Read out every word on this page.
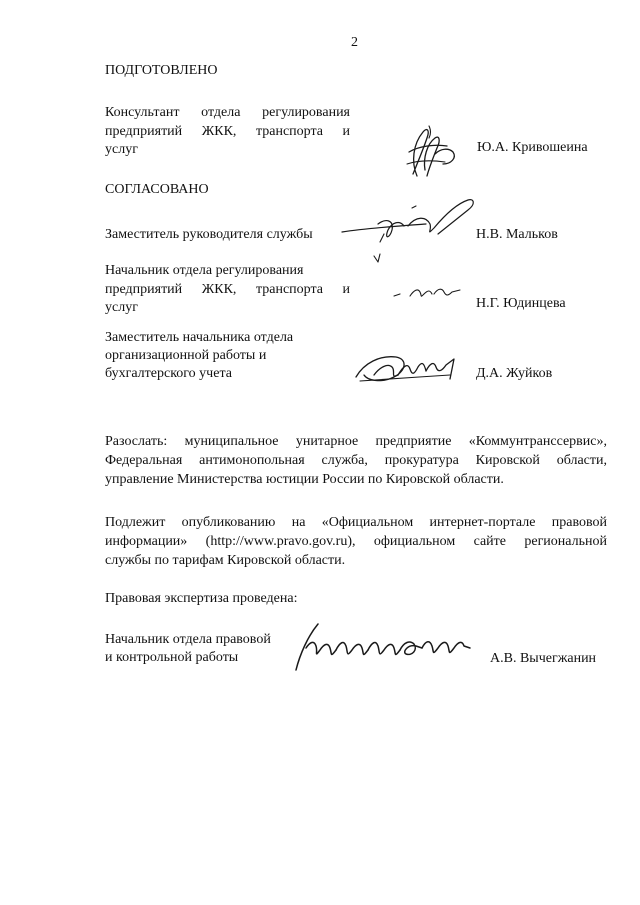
2
ПОДГОТОВЛЕНО
Консультант отдела регулирования
предприятий ЖКК, транспорта и
услуг	Ю.А. Кривошеина
СОГЛАСОВАНО
Заместитель руководителя службы	Н.В. Мальков
Начальник отдела регулирования
предприятий ЖКК, транспорта и
услуг	Н.Г. Юдинцева
Заместитель начальника отдела
организационной работы и
бухгалтерского учета	Д.А. Жуйков
Разослать: муниципальное унитарное предприятие «Коммунтранссервис»,
Федеральная антимонопольная служба, прокуратура Кировской области,
управление Министерства юстиции России по Кировской области.
Подлежит опубликованию на «Официальном интернет-портале правовой
информации» (http://www.pravo.gov.ru), официальном сайте региональной
службы по тарифам Кировской области.
Правовая экспертиза проведена:
Начальник отдела правовой
и контрольной работы	А.В. Вычегжанин
